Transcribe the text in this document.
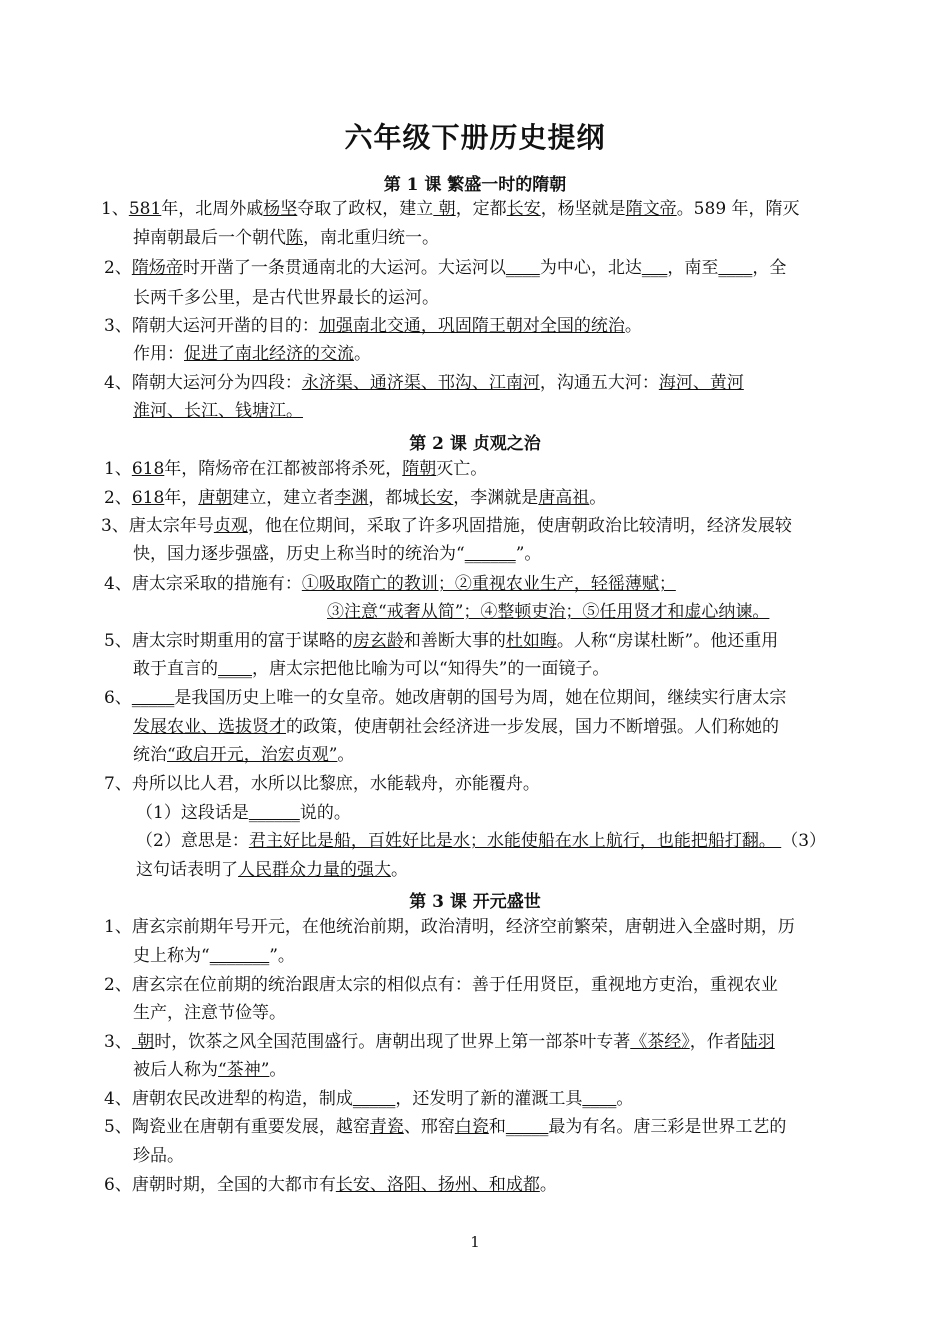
六年级下册历史提纲
第 1 课 繁盛一时的隋朝
1、581年，北周外戚杨坚夺取了政权，建立 朝，定都长安，杨坚就是隋文帝。589 年，隋灭
掉南朝最后一个朝代陈，南北重归统一。
2、隋炀帝时开凿了一条贯通南北的大运河。大运河以____为中心，北达___，南至____，全
长两千多公里，是古代世界最长的运河。
3、隋朝大运河开凿的目的：加强南北交通，巩固隋王朝对全国的统治。
作用：促进了南北经济的交流。
4、隋朝大运河分为四段：永济渠、通济渠、邗沟、江南河，沟通五大河：海河、黄河
淮河、长江、钱塘江。
第 2 课 贞观之治
1、618年，隋炀帝在江都被部将杀死，隋朝灭亡。
2、618年，唐朝建立，建立者李渊，都城长安，李渊就是唐高祖。
3、唐太宗年号贞观，他在位期间，采取了许多巩固措施，使唐朝政治比较清明，经济发展较
快，国力逐步强盛，历史上称当时的统治为“______”。
4、唐太宗采取的措施有：①吸取隋亡的教训；②重视农业生产，轻徭薄赋；
③注意“戒奢从简”；④整顿吏治；⑤任用贤才和虚心纳谏。
5、唐太宗时期重用的富于谋略的房玄龄和善断大事的杜如晦。人称“房谋杜断”。他还重用
敢于直言的____，唐太宗把他比喻为可以“知得失”的一面镜子。
6、_____是我国历史上唯一的女皇帝。她改唐朝的国号为周，她在位期间，继续实行唐太宗
发展农业、选拔贤才的政策，使唐朝社会经济进一步发展，国力不断增强。人们称她的
统治“政启开元，治宏贞观”。
7、舟所以比人君，水所以比黎庶，水能载舟，亦能覆舟。
（1）这段话是______说的。
（2）意思是：君主好比是船，百姓好比是水；水能使船在水上航行，也能把船打翻。 （3）
这句话表明了人民群众力量的强大。
第 3 课 开元盛世
1、唐玄宗前期年号开元，在他统治前期，政治清明，经济空前繁荣，唐朝进入全盛时期，历
史上称为“_______”。
2、唐玄宗在位前期的统治跟唐太宗的相似点有：善于任用贤臣，重视地方吏治，重视农业
生产，注意节俭等。
3、 朝时，饮茶之风全国范围盛行。唐朝出现了世界上第一部茶叶专著《茶经》，作者陆羽
被后人称为“茶神”。
4、唐朝农民改进犁的构造，制成_____，还发明了新的灌溉工具____。
5、陶瓷业在唐朝有重要发展，越窑青瓷、邢窑白瓷和_____最为有名。唐三彩是世界工艺的
珍品。
6、唐朝时期，全国的大都市有长安、洛阳、扬州、和成都。
1
